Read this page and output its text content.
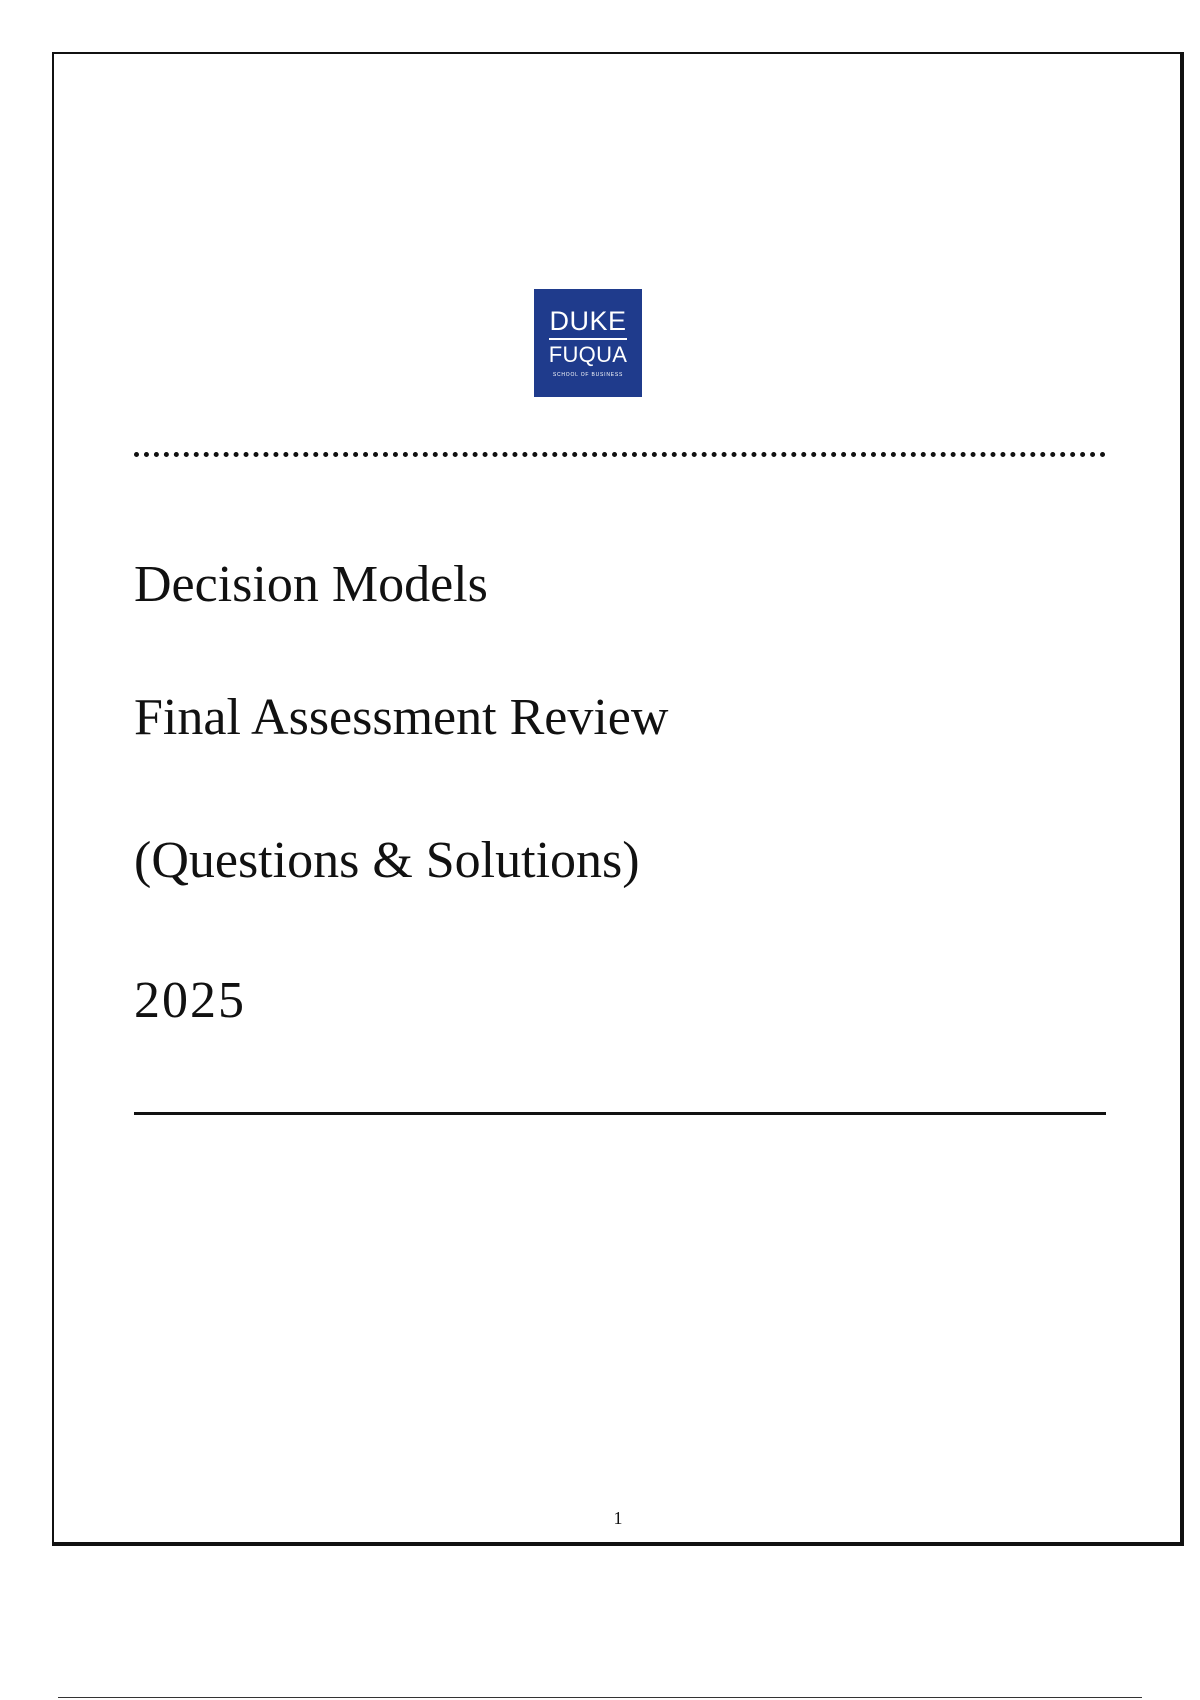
DUKE
FUQUA
SCHOOL OF BUSINESS
Decision Models
Final Assessment Review
(Questions & Solutions)
2025
1
